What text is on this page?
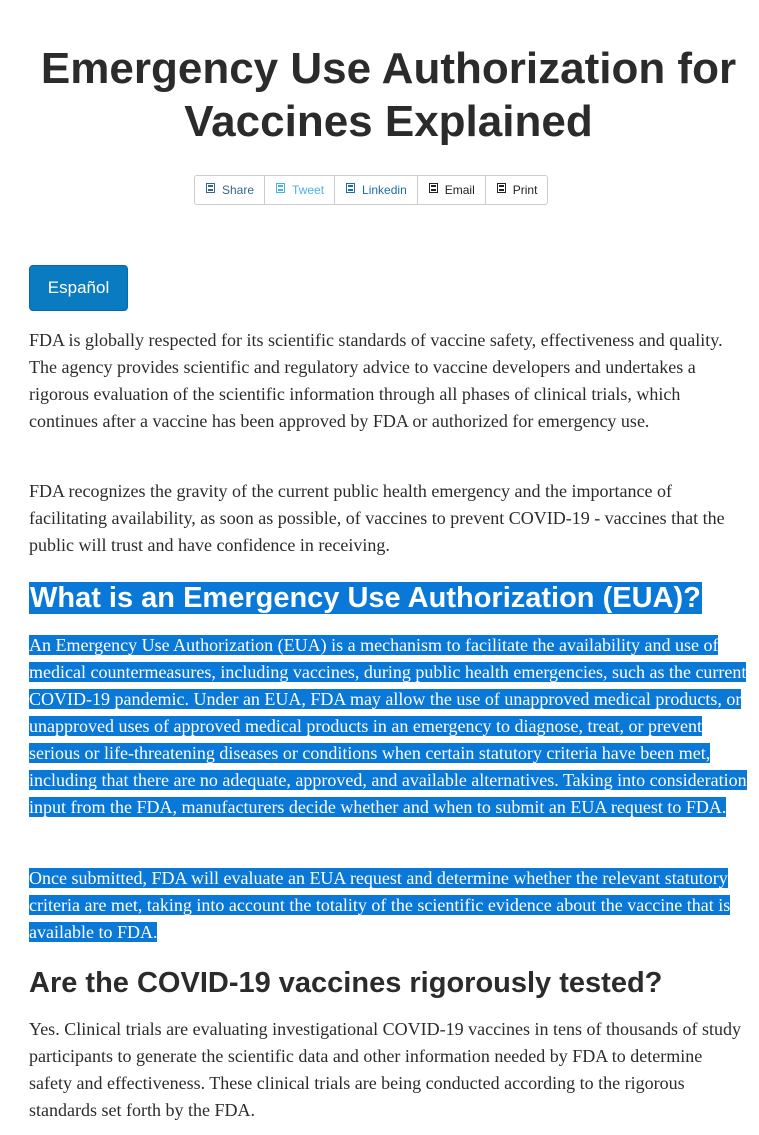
Emergency Use Authorization for Vaccines Explained
Share	Tweet	Linkedin	Email	Print
Español

FDA is globally respected for its scientific standards of vaccine safety, effectiveness and quality. The agency provides scientific and regulatory advice to vaccine developers and undertakes a rigorous evaluation of the scientific information through all phases of clinical trials, which continues after a vaccine has been approved by FDA or authorized for emergency use.

FDA recognizes the gravity of the current public health emergency and the importance of facilitating availability, as soon as possible, of vaccines to prevent COVID-19 - vaccines that the public will trust and have confidence in receiving.

What is an Emergency Use Authorization (EUA)?

An Emergency Use Authorization (EUA) is a mechanism to facilitate the availability and use of medical countermeasures, including vaccines, during public health emergencies, such as the current COVID-19 pandemic. Under an EUA, FDA may allow the use of unapproved medical products, or unapproved uses of approved medical products in an emergency to diagnose, treat, or prevent serious or life-threatening diseases or conditions when certain statutory criteria have been met, including that there are no adequate, approved, and available alternatives. Taking into consideration input from the FDA, manufacturers decide whether and when to submit an EUA request to FDA.

Once submitted, FDA will evaluate an EUA request and determine whether the relevant statutory criteria are met, taking into account the totality of the scientific evidence about the vaccine that is available to FDA.

Are the COVID-19 vaccines rigorously tested?

Yes. Clinical trials are evaluating investigational COVID-19 vaccines in tens of thousands of study participants to generate the scientific data and other information needed by FDA to determine safety and effectiveness. These clinical trials are being conducted according to the rigorous standards set forth by the FDA.
